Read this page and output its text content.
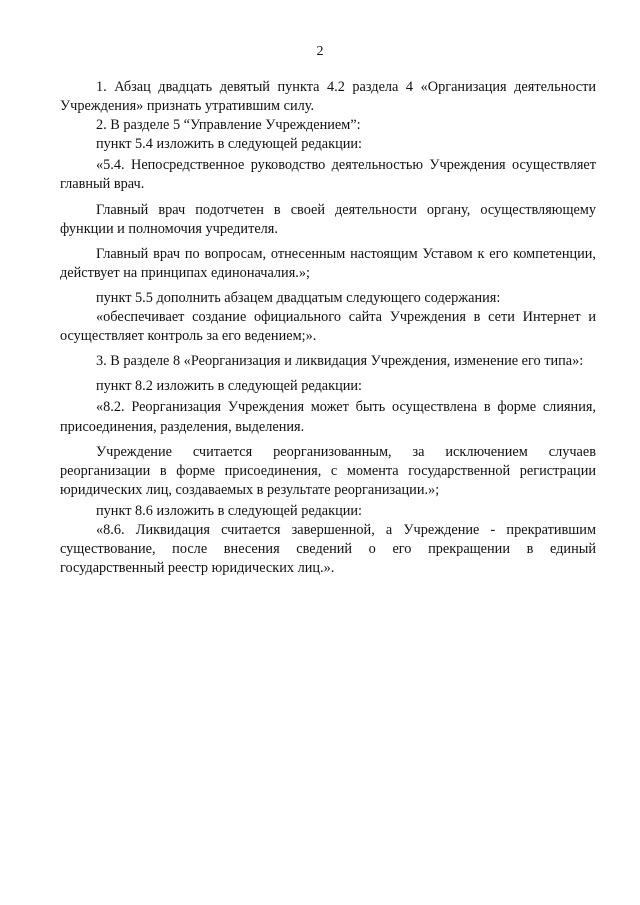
2

1. Абзац двадцать девятый пункта 4.2 раздела 4 «Организация деятельности Учреждения» признать утратившим силу.

2. В разделе 5 “Управление Учреждением”:

пункт 5.4 изложить в следующей редакции:

«5.4. Непосредственное руководство деятельностью Учреждения осуществляет главный врач.

Главный врач подотчетен в своей деятельности органу, осуществляющему функции и полномочия учредителя.

Главный врач по вопросам, отнесенным настоящим Уставом к его компетенции, действует на принципах единоначалия.»;

пункт 5.5 дополнить абзацем двадцатым следующего содержания:

«обеспечивает создание официального сайта Учреждения в сети Интернет и осуществляет контроль за его ведением;».

3. В разделе 8 «Реорганизация и ликвидация Учреждения, изменение его типа»:

пункт 8.2 изложить в следующей редакции:

«8.2. Реорганизация Учреждения может быть осуществлена в форме слияния, присоединения, разделения, выделения.

Учреждение считается реорганизованным, за исключением случаев реорганизации в форме присоединения, с момента государственной регистрации юридических лиц, создаваемых в результате реорганизации.»;

пункт 8.6 изложить в следующей редакции:

«8.6. Ликвидация считается завершенной, а Учреждение - прекратившим существование, после внесения сведений о его прекращении в единый государственный реестр юридических лиц.».
